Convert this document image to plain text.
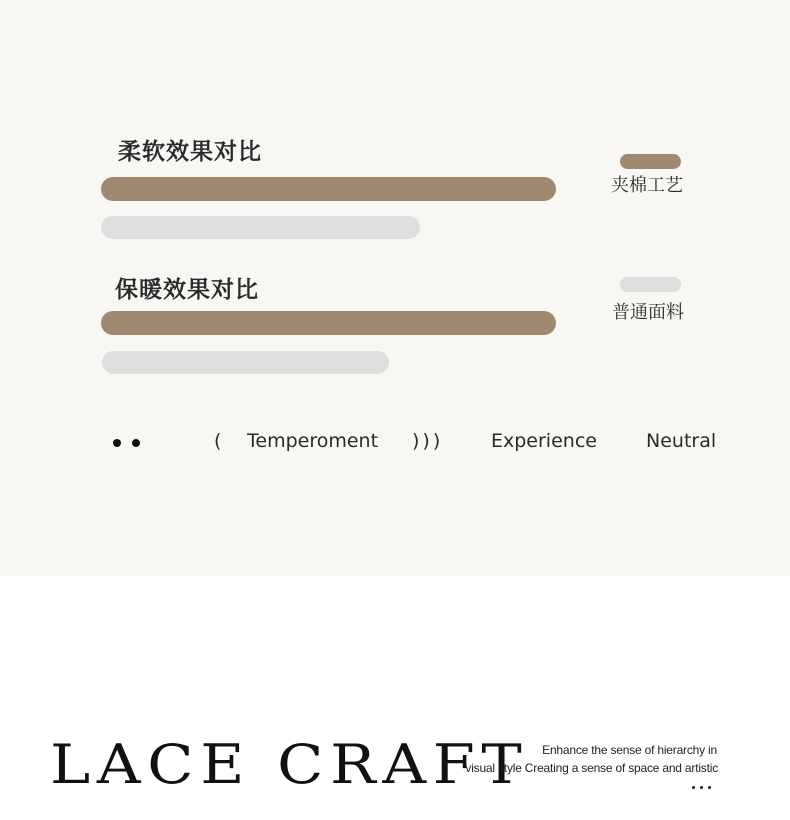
柔软效果对比
夹棉工艺
保暖效果对比
普通面料
( Temperoment )))	Experience	Neutral
LACE CRAFT Enhance the sense of hierarchy in
visual style Creating a sense of space and artistic
